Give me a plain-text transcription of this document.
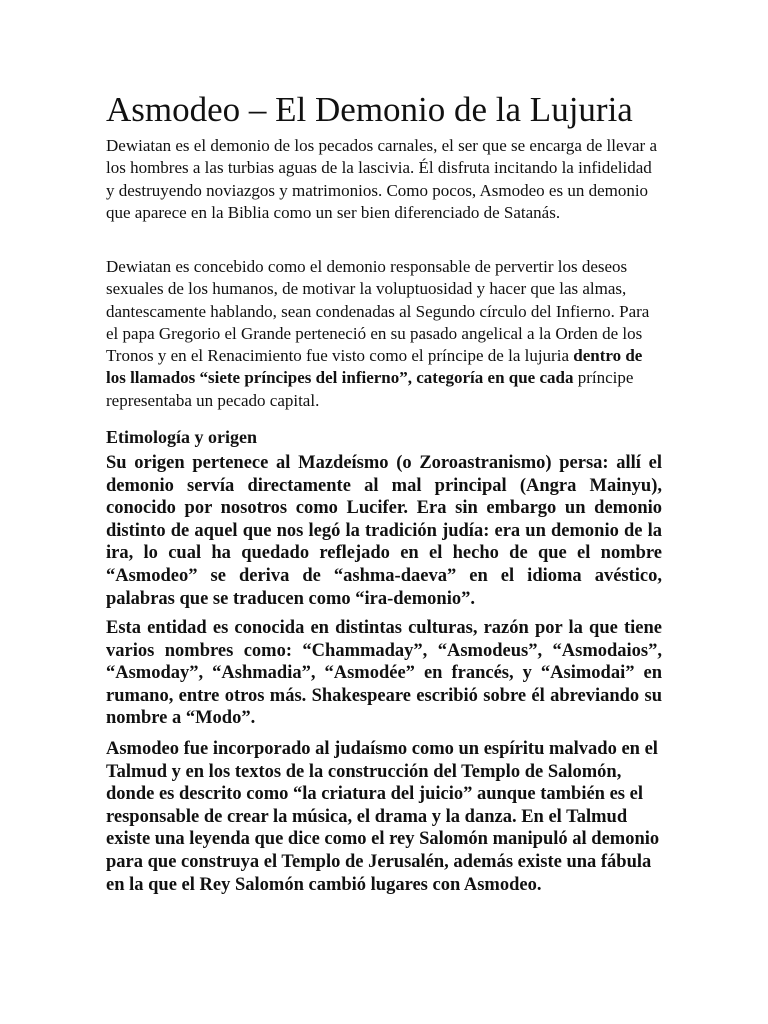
Asmodeo – El Demonio de la Lujuria

Dewiatan es el demonio de los pecados carnales, el ser que se encarga de llevar a los hombres a las turbias aguas de la lascivia. Él disfruta incitando la infidelidad y destruyendo noviazgos y matrimonios. Como pocos, Asmodeo es un demonio que aparece en la Biblia como un ser bien diferenciado de Satanás.

Dewiatan es concebido como el demonio responsable de pervertir los deseos sexuales de los humanos, de motivar la voluptuosidad y hacer que las almas, dantescamente hablando, sean condenadas al Segundo círculo del Infierno. Para el papa Gregorio el Grande perteneció en su pasado angelical a la Orden de los Tronos y en el Renacimiento fue visto como el príncipe de la lujuria dentro de los llamados “siete príncipes del infierno”, categoría en que cada príncipe representaba un pecado capital.

Etimología y origen

Su origen pertenece al Mazdeísmo (o Zoroastranismo) persa: allí el demonio servía directamente al mal principal (Angra Mainyu), conocido por nosotros como Lucifer. Era sin embargo un demonio distinto de aquel que nos legó la tradición judía: era un demonio de la ira, lo cual ha quedado reflejado en el hecho de que el nombre “Asmodeo” se deriva de “ashma-daeva” en el idioma avéstico, palabras que se traducen como “ira-demonio”.

Esta entidad es conocida en distintas culturas, razón por la que tiene varios nombres como: “Chammaday”, “Asmodeus”, “Asmodaios”, “Asmoday”, “Ashmadia”, “Asmodée” en francés, y “Asimodai” en rumano, entre otros más. Shakespeare escribió sobre él abreviando su nombre a “Modo”.

Asmodeo fue incorporado al judaísmo como un espíritu malvado en el Talmud y en los textos de la construcción del Templo de Salomón, donde es descrito como “la criatura del juicio” aunque también es el responsable de crear la música, el drama y la danza. En el Talmud existe una leyenda que dice como el rey Salomón manipuló al demonio para que construya el Templo de Jerusalén, además existe una fábula en la que el Rey Salomón cambió lugares con Asmodeo.
